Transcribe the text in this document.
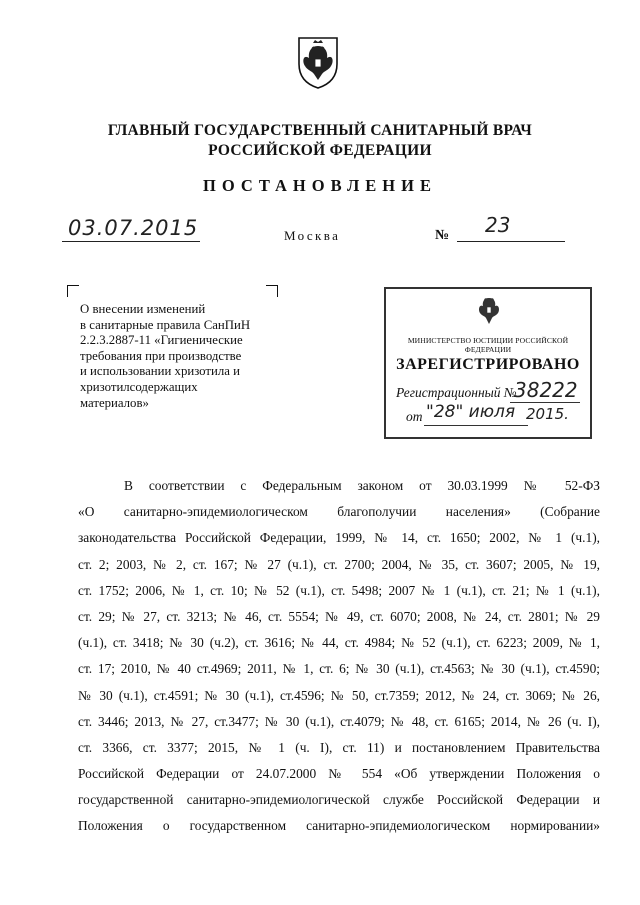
ГЛАВНЫЙ ГОСУДАРСТВЕННЫЙ САНИТАРНЫЙ ВРАЧ
РОССИЙСКОЙ ФЕДЕРАЦИИ
ПОСТАНОВЛЕНИЕ
03.07.2015	Москва	№ 23
О внесении изменений
в санитарные правила СанПиН
2.2.3.2887-11 «Гигиенические
требования при производстве
и использовании хризотила и
хризотилсодержащих
материалов»
МИНИСТЕРСТВО ЮСТИЦИИ РОССИЙСКОЙ ФЕДЕРАЦИИ
ЗАРЕГИСТРИРОВАНО
Регистрационный №
38222
от "28" июля 2015.
В соответствии с Федеральным законом от 30.03.1999 № 52-ФЗ
«О санитарно-эпидемиологическом благополучии населения» (Собрание
законодательства Российской Федерации, 1999, № 14, ст. 1650; 2002, № 1 (ч.1),
ст. 2; 2003, № 2, ст. 167; № 27 (ч.1), ст. 2700; 2004, № 35, ст. 3607; 2005, № 19,
ст. 1752; 2006, № 1, ст. 10; № 52 (ч.1), ст. 5498; 2007 № 1 (ч.1), ст. 21; № 1 (ч.1),
ст. 29; № 27, ст. 3213; № 46, ст. 5554; № 49, ст. 6070; 2008, № 24, ст. 2801; № 29
(ч.1), ст. 3418; № 30 (ч.2), ст. 3616; № 44, ст. 4984; № 52 (ч.1), ст. 6223; 2009, № 1,
ст. 17; 2010, № 40 ст.4969; 2011, № 1, ст. 6; № 30 (ч.1), ст.4563; № 30 (ч.1), ст.4590;
№ 30 (ч.1), ст.4591; № 30 (ч.1), ст.4596; № 50, ст.7359; 2012, № 24, ст. 3069; № 26,
ст. 3446; 2013, № 27, ст.3477; № 30 (ч.1), ст.4079; № 48, ст. 6165; 2014, № 26 (ч. I),
ст. 3366, ст. 3377; 2015, № 1 (ч. I), ст. 11) и постановлением Правительства
Российской Федерации от 24.07.2000 № 554 «Об утверждении Положения о
государственной санитарно-эпидемиологической службе Российской Федерации и
Положения о государственном санитарно-эпидемиологическом нормировании»
